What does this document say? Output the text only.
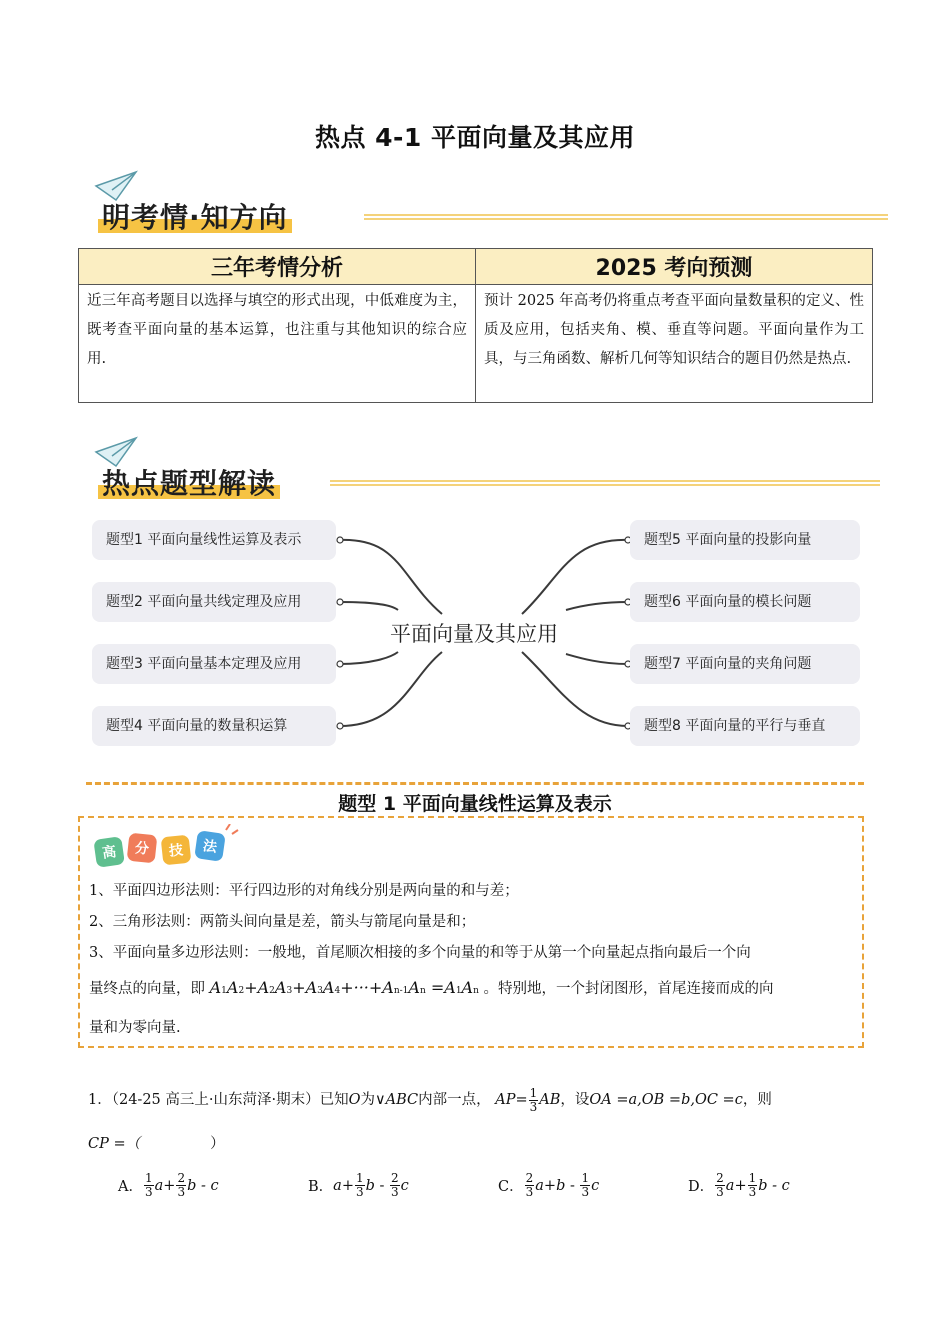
热点 4-1 平面向量及其应用
明考情·知方向
三年考情分析	2025 考向预测
近三年高考题目以选择与填空的形式出现，中低难度为主，既考查平面向量的基本运算，也注重与其他知识的综合应用.	预计 2025 年高考仍将重点考查平面向量数量积的定义、性质及应用，包括夹角、模、垂直等问题。平面向量作为工具，与三角函数、解析几何等知识结合的题目仍然是热点.
热点题型解读
题型1 平面向量线性运算及表示
题型2 平面向量共线定理及应用
题型3 平面向量基本定理及应用
题型4 平面向量的数量积运算
平面向量及其应用
题型5 平面向量的投影向量
题型6 平面向量的模长问题
题型7 平面向量的夹角问题
题型8 平面向量的平行与垂直
题型 1 平面向量线性运算及表示
高 分 技 法
1、平面四边形法则：平行四边形的对角线分别是两向量的和与差；
2、三角形法则：两箭头间向量是差，箭头与箭尾向量是和；
3、平面向量多边形法则：一般地，首尾顺次相接的多个向量的和等于从第一个向量起点指向最后一个向
量终点的向量，即 A1A2+A2A3+A3A4+···+An-1An =A1An 。特别地，一个封闭图形，首尾连接而成的向
量和为零向量.
1．（24-25 高三上·山东菏泽·期末）已知O为∨ABC内部一点， $AP= \frac{1}{3}$ AB，设OA =a,OB =b,OC =c，则
CP =（	）
A． $\frac{1}{3}$ $a + \frac{2}{3}$ b
- c	B． $a + \frac{1}{3}$ b - $\frac{2}{3}$ c	C． $\frac{2}{3}$ $a + b - \frac{1}{3}$ c	D． $\frac{2}{3}$ $a + \frac{1}{3}$ b
- c
